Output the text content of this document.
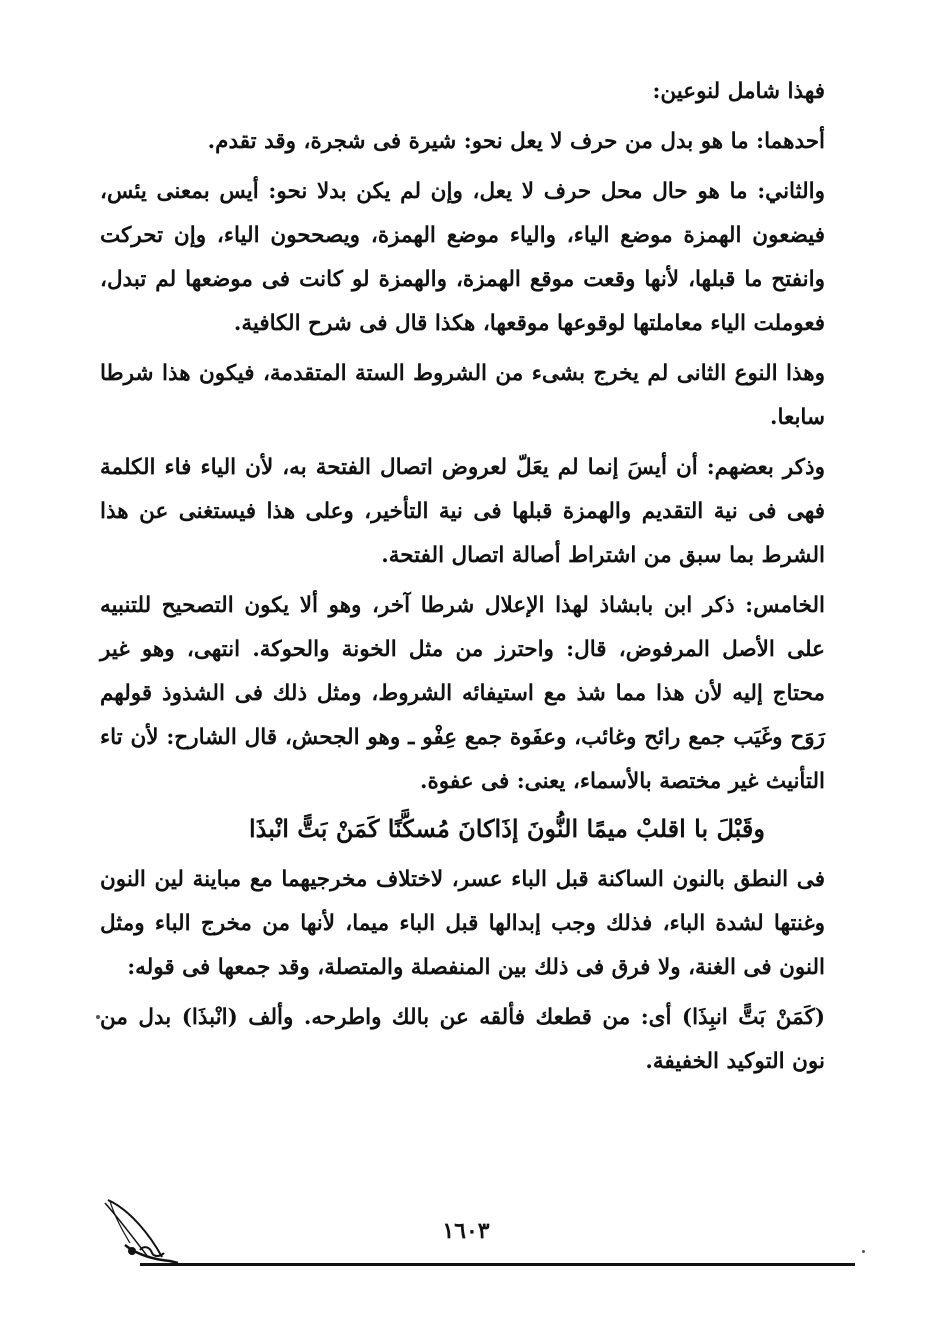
فهذا شامل لنوعين:

أحدهما: ما هو بدل من حرف لا يعل نحو: شيرة فى شجرة، وقد تقدم.

والثاني: ما هو حال محل حرف لا يعل، وإن لم يكن بدلا نحو: أيس بمعنى يئس، فيضعون الهمزة موضع الياء، والياء موضع الهمزة، ويصححون الياء، وإن تحركت وانفتح ما قبلها، لأنها وقعت موقع الهمزة، والهمزة لو كانت فى موضعها لم تبدل، فعوملت الياء معاملتها لوقوعها موقعها، هكذا قال فى شرح الكافية.

وهذا النوع الثانى لم يخرج بشىء من الشروط الستة المتقدمة، فيكون هذا شرطا سابعا.

وذكر بعضهم: أن أيسَ إنما لم يعَلّ لعروض اتصال الفتحة به، لأن الياء فاء الكلمة فهى فى نية التقديم والهمزة قبلها فى نية التأخير، وعلى هذا فيستغنى عن هذا الشرط بما سبق من اشتراط أصالة اتصال الفتحة.

الخامس: ذكر ابن بابشاذ لهذا الإعلال شرطا آخر، وهو ألا يكون التصحيح للتنبيه على الأصل المرفوض، قال: واحترز من مثل الخونة والحوكة. انتهى، وهو غير محتاج إليه لأن هذا مما شذ مع استيفائه الشروط، ومثل ذلك فى الشذوذ قولهم رَوَح وغَيَب جمع رائح وغائب، وعفَوة جمع عِفْو ـ وهو الجحش، قال الشارح: لأن تاء التأنيث غير مختصة بالأسماء، يعنى: فى عفوة.

وقَبْلَ با اقلبْ ميمًا النُّونَ إذَا
كانَ مُسكَّنًا كَمَنْ بَتًّ انْبذَا

فى النطق بالنون الساكنة قبل الباء عسر، لاختلاف مخرجيهما مع مباينة لين النون وغنتها لشدة الباء، فذلك وجب إبدالها قبل الباء ميما، لأنها من مخرج الباء ومثل النون فى الغنة، ولا فرق فى ذلك بين المنفصلة والمتصلة، وقد جمعها فى قوله:

(كَمَنْ بَتًّ انبِذَا) أى: من قطعك فألقه عن بالك واطرحه. وألف (انْبذَا) بدل من نون التوكيد الخفيفة.

١٦٠٣
